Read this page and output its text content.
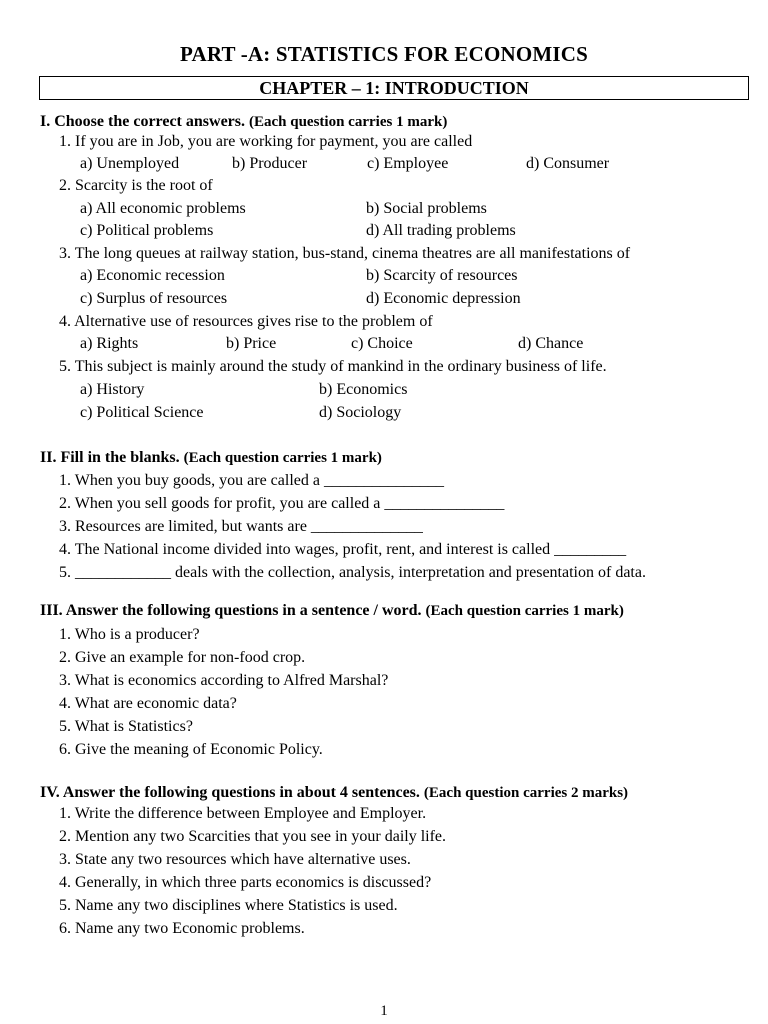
PART -A: STATISTICS FOR ECONOMICS
CHAPTER – 1: INTRODUCTION
I. Choose the correct answers. (Each question carries 1 mark)
1. If you are in Job, you are working for payment, you are called
a) Unemployed	b) Producer	c) Employee	d) Consumer
2. Scarcity is the root of
a) All economic problems	b) Social problems
c) Political problems	d) All trading problems
3. The long queues at railway station, bus-stand, cinema theatres are all manifestations of
a) Economic recession	b) Scarcity of resources
c) Surplus of resources	d) Economic depression
4. Alternative use of resources gives rise to the problem of
a) Rights	b) Price	c) Choice	d) Chance
5. This subject is mainly around the study of mankind in the ordinary business of life.
a) History	b) Economics
c) Political Science	d) Sociology
II. Fill in the blanks. (Each question carries 1 mark)
1. When you buy goods, you are called a _______________
2. When you sell goods for profit, you are called a _______________
3. Resources are limited, but wants are ______________
4. The National income divided into wages, profit, rent, and interest is called _________
5. ____________ deals with the collection, analysis, interpretation and presentation of data.
III. Answer the following questions in a sentence / word. (Each question carries 1 mark)
1. Who is a producer?
2. Give an example for non-food crop.
3. What is economics according to Alfred Marshal?
4. What are economic data?
5. What is Statistics?
6. Give the meaning of Economic Policy.
IV. Answer the following questions in about 4 sentences. (Each question carries 2 marks)
1. Write the difference between Employee and Employer.
2. Mention any two Scarcities that you see in your daily life.
3. State any two resources which have alternative uses.
4. Generally, in which three parts economics is discussed?
5. Name any two disciplines where Statistics is used.
6. Name any two Economic problems.
1
